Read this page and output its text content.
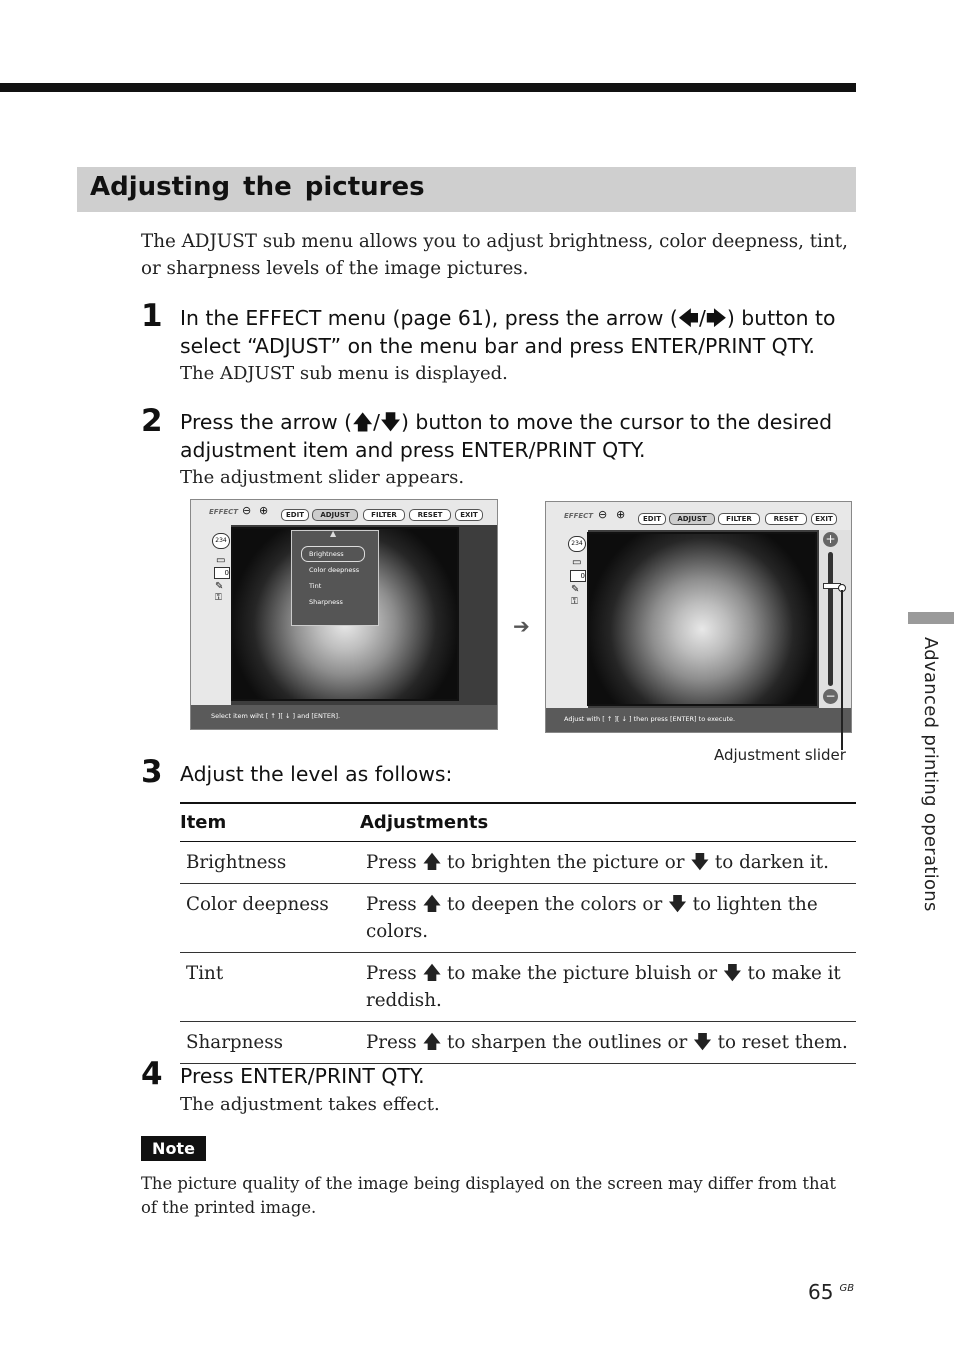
Adjusting the pictures
The ADJUST sub menu allows you to adjust brightness, color deepness, tint, or sharpness levels of the image pictures.
1 In the EFFECT menu (page 61), press the arrow (🡄/🡆) button to select “ADJUST” on the menu bar and press ENTER/PRINT QTY.
The ADJUST sub menu is displayed.
2 Press the arrow (🡅/🡇) button to move the cursor to the desired adjustment item and press ENTER/PRINT QTY.
The adjustment slider appears.
EFFECT ⊖ ⊕	EDIT	ADJUST	FILTER	RESET	EXIT
234
▭
0
✎
⚿
▲
Brightness
Color deepness
Tint
Sharpness
Select item wiht [ ↑ ][ ↓ ] and [ENTER].
➔
EFFECT ⊖ ⊕	EDIT	ADJUST	FILTER	RESET	EXIT
234
▭
0
✎
⚿
+
−
Adjust with [ ↑ ][ ↓ ] then press [ENTER] to execute.
Adjustment slider
3 Adjust the level as follows:
Item	Adjustments
Brightness	Press 🡅 to brighten the picture or 🡇 to darken it.
Color deepness	Press 🡅 to deepen the colors or 🡇 to lighten the colors.
Tint	Press 🡅 to make the picture bluish or 🡇 to make it reddish.
Sharpness	Press 🡅 to sharpen the outlines or 🡇 to reset them.
4 Press ENTER/PRINT QTY.
The adjustment takes effect.
Note
The picture quality of the image being displayed on the screen may differ from that of the printed image.
Advanced printing operations
65 $^{GB}$
